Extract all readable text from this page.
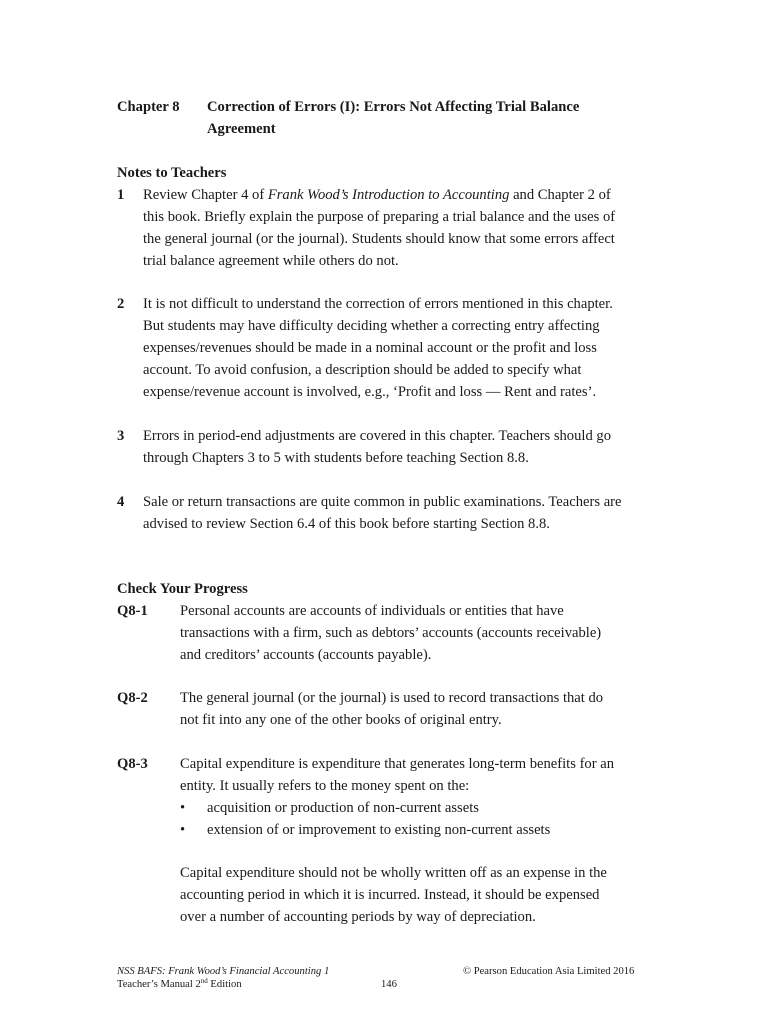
Chapter 8 Correction of Errors (I): Errors Not Affecting Trial Balance
Agreement
Notes to Teachers
1 Review Chapter 4 of Frank Wood’s Introduction to Accounting and Chapter 2 of
this book. Briefly explain the purpose of preparing a trial balance and the uses of
the general journal (or the journal). Students should know that some errors affect
trial balance agreement while others do not.
2 It is not difficult to understand the correction of errors mentioned in this chapter.
But students may have difficulty deciding whether a correcting entry affecting
expenses/revenues should be made in a nominal account or the profit and loss
account. To avoid confusion, a description should be added to specify what
expense/revenue account is involved, e.g., ‘Profit and loss — Rent and rates’.
3 Errors in period-end adjustments are covered in this chapter. Teachers should go
through Chapters 3 to 5 with students before teaching Section 8.8.
4 Sale or return transactions are quite common in public examinations. Teachers are
advised to review Section 6.4 of this book before starting Section 8.8.
Check Your Progress
Q8-1 Personal accounts are accounts of individuals or entities that have
transactions with a firm, such as debtors’ accounts (accounts receivable)
and creditors’ accounts (accounts payable).
Q8-2 The general journal (or the journal) is used to record transactions that do
not fit into any one of the other books of original entry.
Q8-3 Capital expenditure is expenditure that generates long-term benefits for an
entity. It usually refers to the money spent on the:
• acquisition or production of non-current assets
• extension of or improvement to existing non-current assets
Capital expenditure should not be wholly written off as an expense in the
accounting period in which it is incurred. Instead, it should be expensed
over a number of accounting periods by way of depreciation.
NSS BAFS: Frank Wood’s Financial Accounting 1
Teacher’s Manual 2nd Edition
© Pearson Education Asia Limited 2016
146
